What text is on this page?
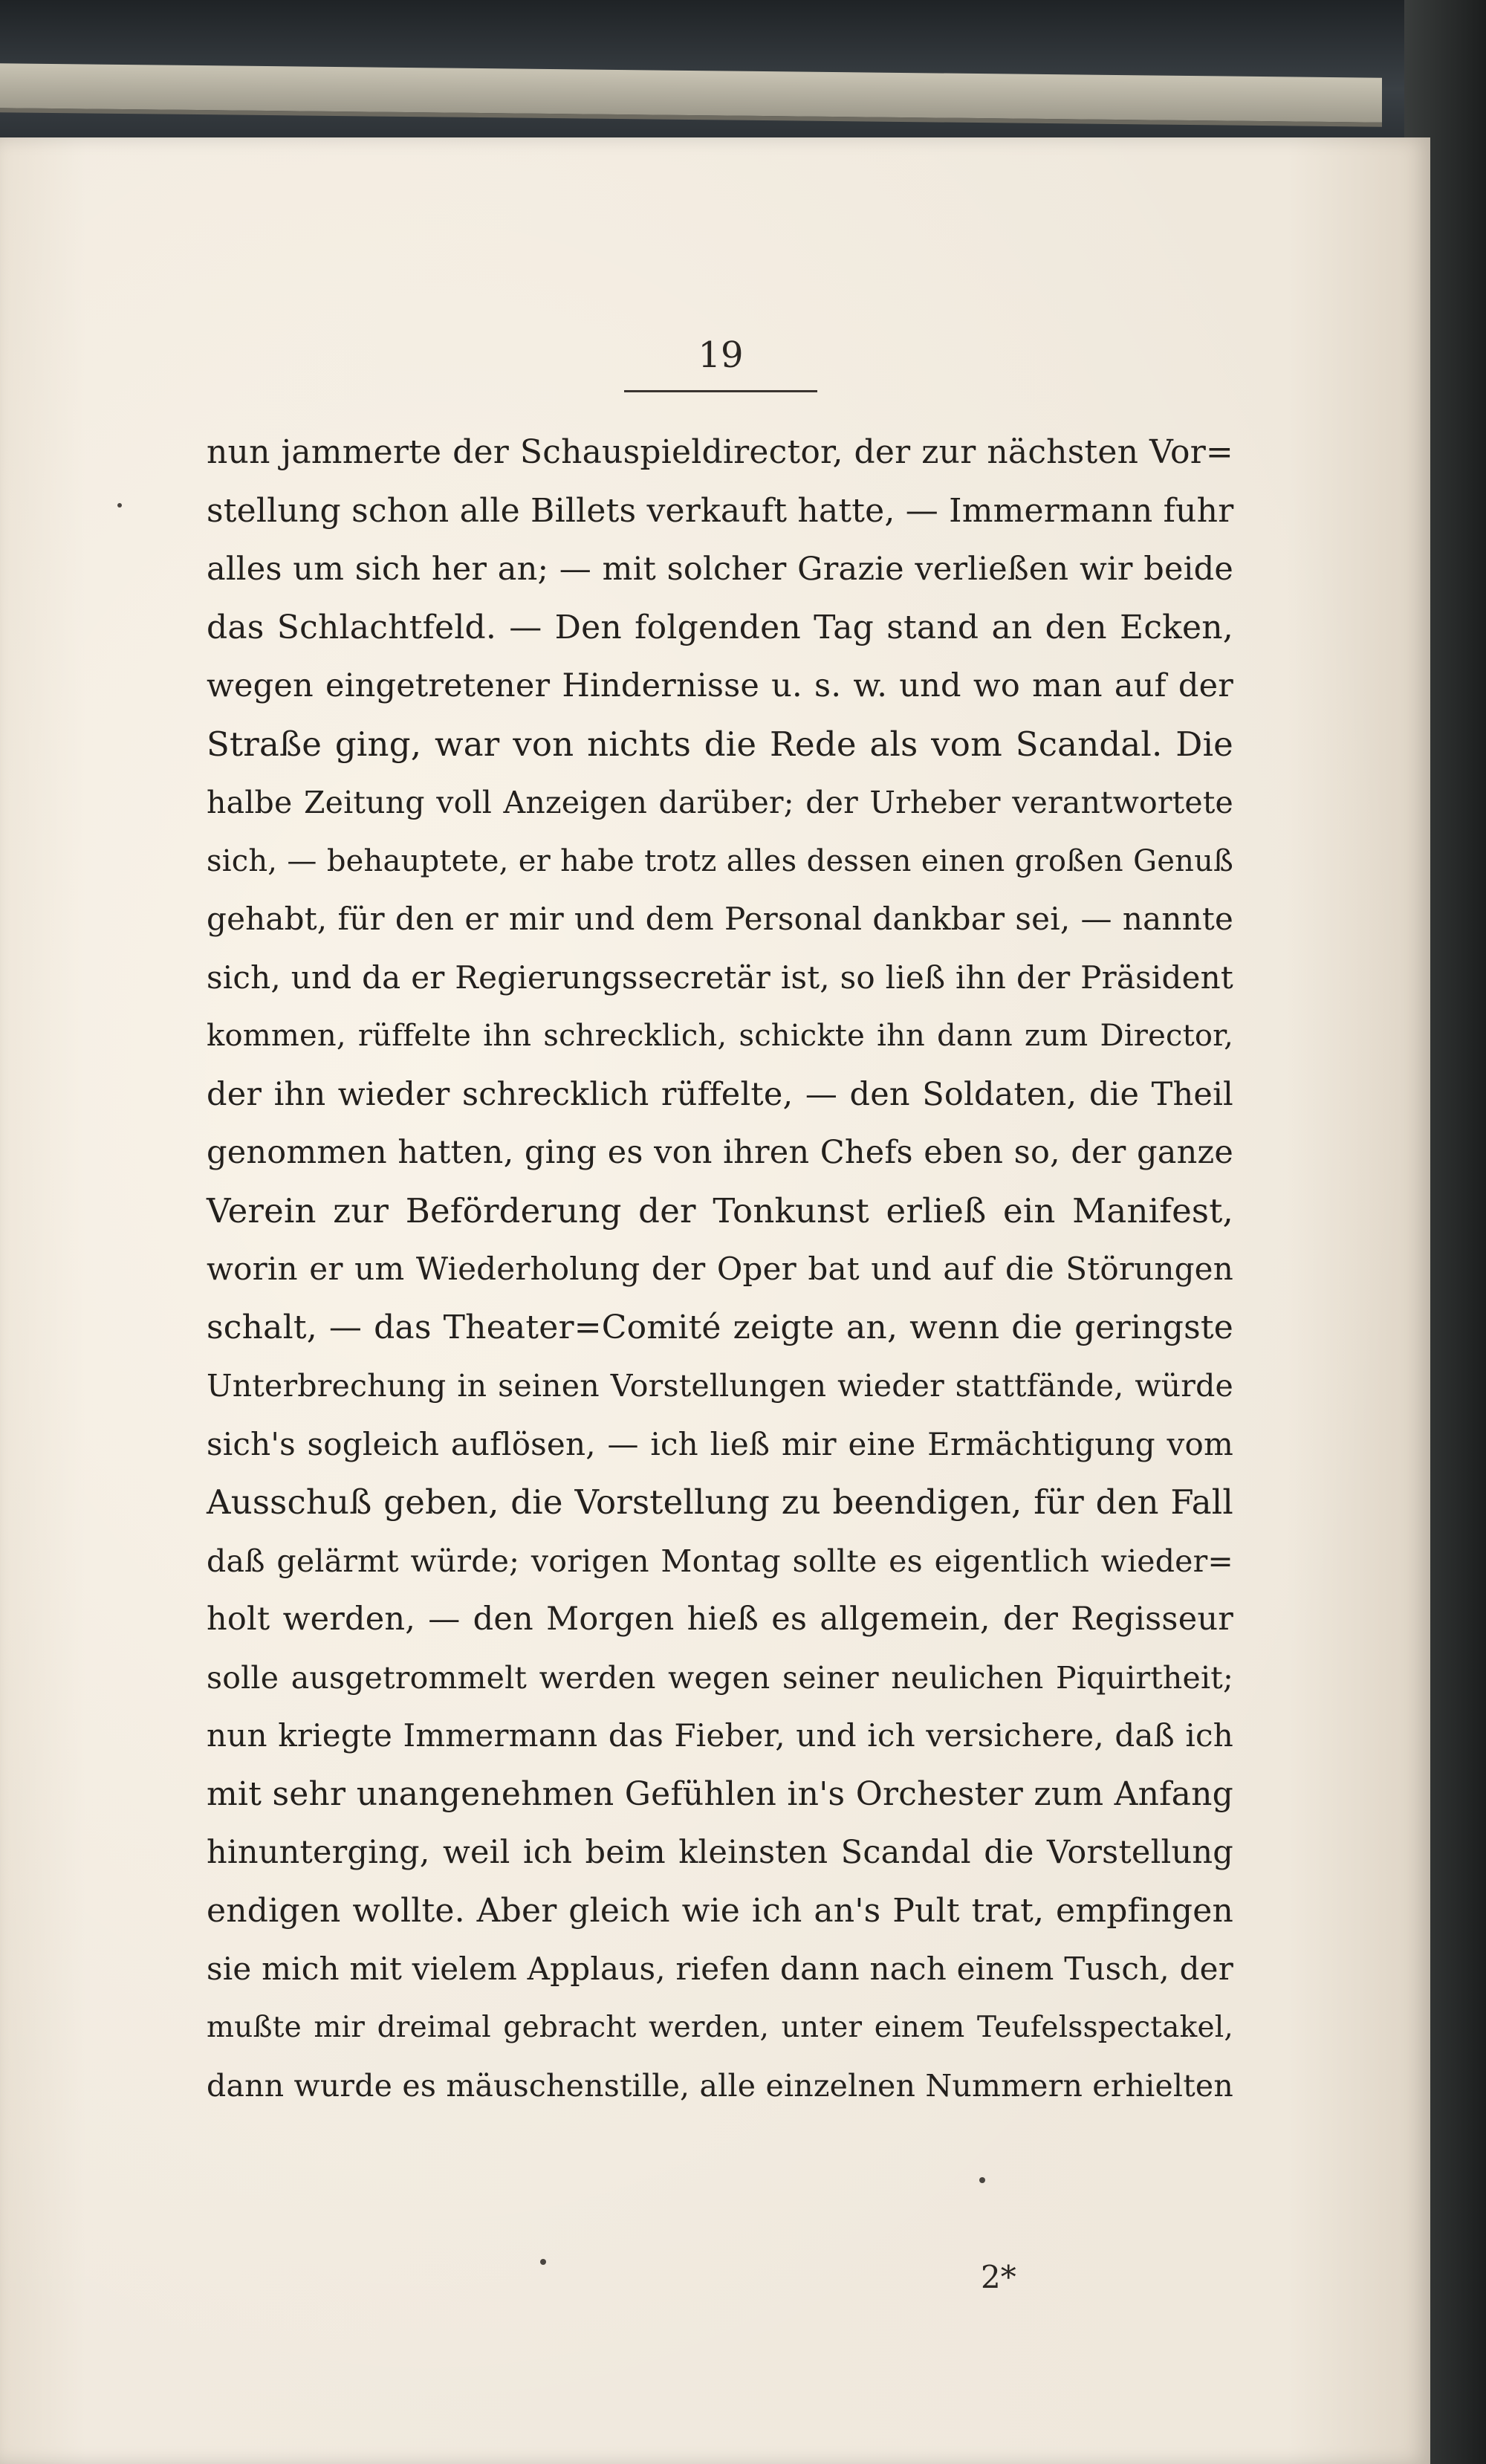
19
nun jammerte der Schauspieldirector, der zur nächsten Vor=
stellung schon alle Billets verkauft hatte, — Immermann fuhr
alles um sich her an; — mit solcher Grazie verließen wir beide
das Schlachtfeld. — Den folgenden Tag stand an den Ecken,
wegen eingetretener Hindernisse u. s. w. und wo man auf der
Straße ging, war von nichts die Rede als vom Scandal. Die
halbe Zeitung voll Anzeigen darüber; der Urheber verantwortete
sich, — behauptete, er habe trotz alles dessen einen großen Genuß
gehabt, für den er mir und dem Personal dankbar sei, — nannte
sich, und da er Regierungssecretär ist, so ließ ihn der Präsident
kommen, rüffelte ihn schrecklich, schickte ihn dann zum Director,
der ihn wieder schrecklich rüffelte, — den Soldaten, die Theil
genommen hatten, ging es von ihren Chefs eben so, der ganze
Verein zur Beförderung der Tonkunst erließ ein Manifest,
worin er um Wiederholung der Oper bat und auf die Störungen
schalt, — das Theater=Comité zeigte an, wenn die geringste
Unterbrechung in seinen Vorstellungen wieder stattfände, würde
sich's sogleich auflösen, — ich ließ mir eine Ermächtigung vom
Ausschuß geben, die Vorstellung zu beendigen, für den Fall
daß gelärmt würde; vorigen Montag sollte es eigentlich wieder=
holt werden, — den Morgen hieß es allgemein, der Regisseur
solle ausgetrommelt werden wegen seiner neulichen Piquirtheit;
nun kriegte Immermann das Fieber, und ich versichere, daß ich
mit sehr unangenehmen Gefühlen in's Orchester zum Anfang
hinunterging, weil ich beim kleinsten Scandal die Vorstellung
endigen wollte. Aber gleich wie ich an's Pult trat, empfingen
sie mich mit vielem Applaus, riefen dann nach einem Tusch, der
mußte mir dreimal gebracht werden, unter einem Teufelsspectakel,
dann wurde es mäuschenstille, alle einzelnen Nummern erhielten
2*
